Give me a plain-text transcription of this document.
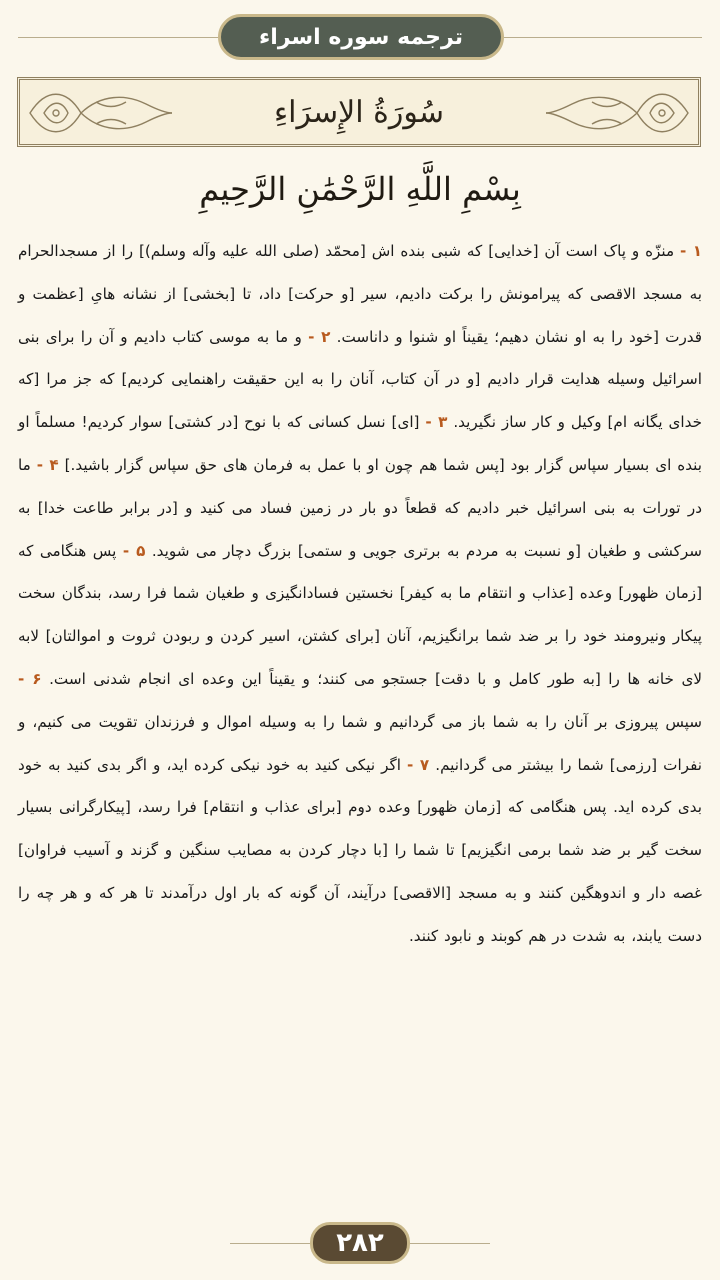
ترجمه سوره اسراء
سُورَةُ الإِسرَاءِ
بِسْمِ اللَّهِ الرَّحْمَٰنِ الرَّحِيمِ
۱ - منزّه و پاک است آن [خدایی] که شبی بنده اش [محمّد (صلی الله علیه وآله وسلم)] را از مسجدالحرام به مسجد الاقصی که پیرامونش را برکت دادیم، سیر [و حرکت] داد، تا [بخشی] از نشانه هایِ [عظمت و قدرت [خود را به او نشان دهیم؛ یقیناً او شنوا و داناست. ۲ - و ما به موسی کتاب دادیم و آن را برای بنی اسرائیل وسیله هدایت قرار دادیم [و در آن کتاب، آنان را به این حقیقت راهنمایی کردیم] که جز مرا [که خدای یگانه ام] وکیل و کار ساز نگیرید. ۳ - [ای] نسل کسانی که با نوح [در کشتی] سوار کردیم! مسلماً او بنده ای بسیار سپاس گزار بود [پس شما هم چون او با عمل به فرمان های حق سپاس گزار باشید.] ۴ - ما در تورات به بنی اسرائیل خبر دادیم که قطعاً دو بار در زمین فساد می کنید و [در برابر طاعت خدا] به سرکشی و طغیان [و نسبت به مردم به برتری جویی و ستمی] بزرگ دچار می شوید. ۵ - پس هنگامی که [زمان ظهور] وعده [عذاب و انتقام ما به کیفر] نخستین فسادانگیزی و طغیان شما فرا رسد، بندگان سخت پیکار ونیرومند خود را بر ضد شما برانگیزیم، آنان [برای کشتن، اسیر کردن و ربودن ثروت و اموالتان] لابه لای خانه ها را [به طور کامل و با دقت] جستجو می کنند؛ و یقیناً این وعده ای انجام شدنی است. ۶ - سپس پیروزی بر آنان را به شما باز می گردانیم و شما را به وسیله اموال و فرزندان تقویت می کنیم، و نفرات [رزمی] شما را بیشتر می گردانیم. ۷ - اگر نیکی کنید به خود نیکی کرده اید، و اگر بدی کنید به خود بدی کرده اید. پس هنگامی که [زمان ظهور] وعده دوم [برای عذاب و انتقام] فرا رسد، [پیکارگرانی بسیار سخت گیر بر ضد شما برمی انگیزیم] تا شما را [با دچار کردن به مصایب سنگین و گزند و آسیب فراوان] غصه دار و اندوهگین کنند و به مسجد [الاقصی] درآیند، آن گونه که بار اول درآمدند تا هر که و هر چه را دست یابند، به شدت در هم کوبند و نابود کنند.
۲۸۲
